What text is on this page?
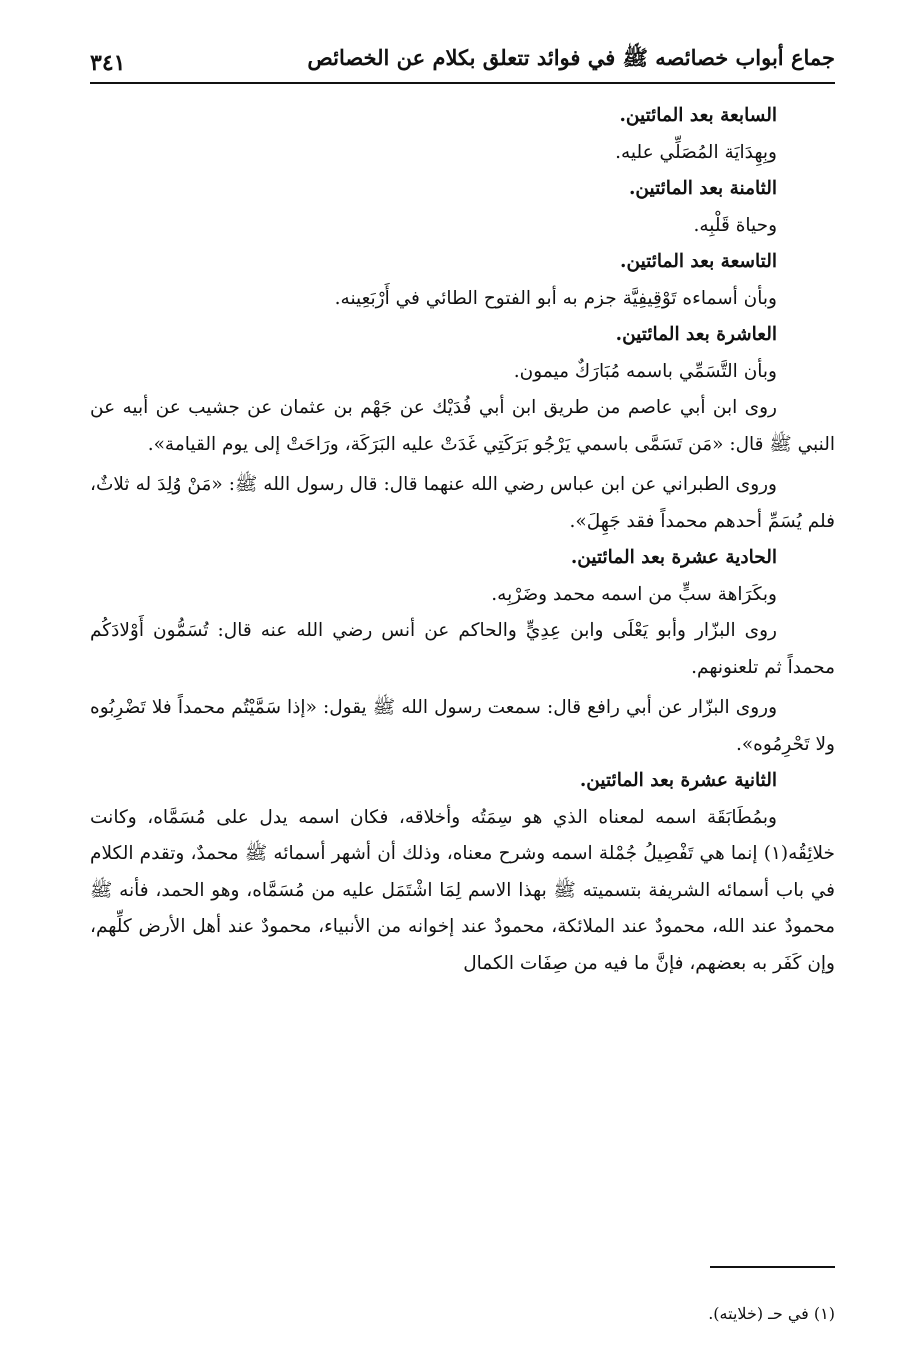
جماع أبواب خصائصه ﷺ في فوائد تتعلق بكلام عن الخصائص
٣٤١

السابعة بعد المائتين.

وبِهِدَايَة المُصَلِّي عليه.

الثامنة بعد المائتين.

وحياة قَلْبِه.

التاسعة بعد المائتين.

وبأن أسماءه تَوْقِيفِيَّة جزم به أبو الفتوح الطائي في أَرْبَعِينه.

العاشرة بعد المائتين.

وبأن التَّسَمِّي باسمه مُبَارَكٌ ميمون.

روى ابن أبي عاصم من طريق ابن أبي فُدَيْك عن جَهْم بن عثمان عن جشيب عن أبيه عن النبي ﷺ قال: «مَن تَسَمَّى باسمي يَرْجُو بَرَكَتِي غَدَتْ عليه البَرَكَة، ورَاحَتْ إلى يوم القيامة».

وروى الطبراني عن ابن عباس رضي الله عنهما قال: قال رسول الله ﷺ: «مَنْ وُلِدَ له ثلاثٌ، فلم يُسَمِّ أحدهم محمداً فقد جَهِلَ».

الحادية عشرة بعد المائتين.

وبكَرَاهة سبٍّ من اسمه محمد وضَرْبِه.

روى البزّار وأبو يَعْلَى وابن عِدِيٍّ والحاكم عن أنس رضي الله عنه قال: تُسَمُّون أَوْلادَكُم محمداً ثم تلعنونهم.

وروى البزّار عن أبي رافع قال: سمعت رسول الله ﷺ يقول: «إذا سَمَّيْتُم محمداً فلا تَضْرِبُوه ولا تَحْرِمُوه».

الثانية عشرة بعد المائتين.

وبمُطَابَقَة اسمه لمعناه الذي هو سِمَتُه وأخلاقه، فكان اسمه يدل على مُسَمَّاه، وكانت خلائِقُه(١) إنما هي تَفْصِيلُ جُمْلة اسمه وشرح معناه، وذلك أن أشهر أسمائه ﷺ محمدٌ، وتقدم الكلام في باب أسمائه الشريفة بتسميته ﷺ بهذا الاسم لِمَا اشْتَمَل عليه من مُسَمَّاه، وهو الحمد، فأنه ﷺ محمودٌ عند الله، محمودٌ عند الملائكة، محمودٌ عند إخوانه من الأنبياء، محمودٌ عند أهل الأرض كلِّهم، وإن كَفَر به بعضهم، فإنَّ ما فيه من صِفَات الكمال

(١) في حـ (خلايته).
